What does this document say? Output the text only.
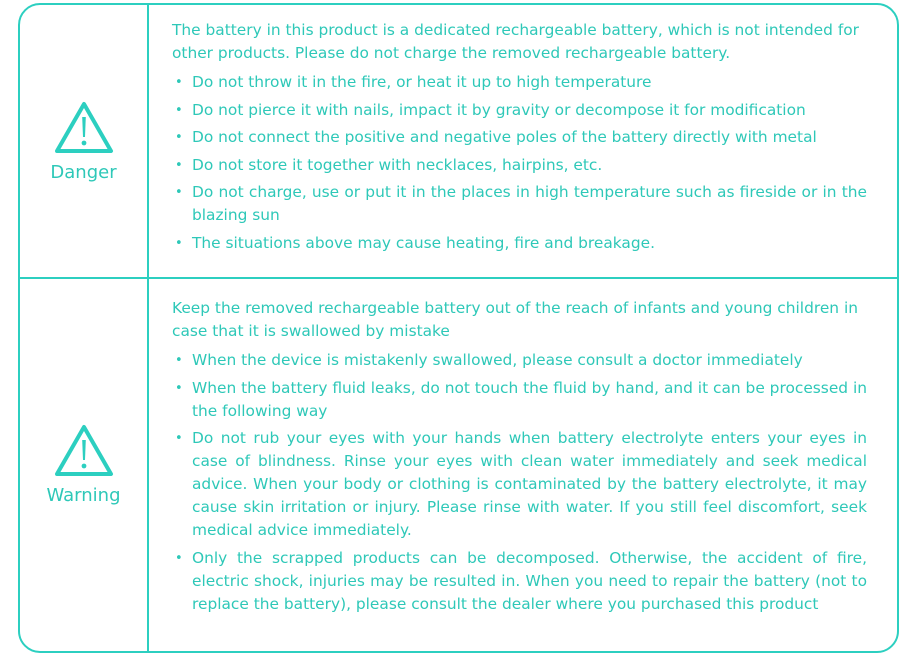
Danger

The battery in this product is a dedicated rechargeable battery, which is not intended for other products. Please do not charge the removed rechargeable battery.

• Do not throw it in the fire, or heat it up to high temperature
• Do not pierce it with nails, impact it by gravity or decompose it for modification
• Do not connect the positive and negative poles of the battery directly with metal
• Do not store it together with necklaces, hairpins, etc.
• Do not charge, use or put it in the places in high temperature such as fireside or in the blazing sun
• The situations above may cause heating, fire and breakage.
Warning

Keep the removed rechargeable battery out of the reach of infants and young children in case that it is swallowed by mistake

• When the device is mistakenly swallowed, please consult a doctor immediately
• When the battery fluid leaks, do not touch the fluid by hand, and it can be processed in the following way
• Do not rub your eyes with your hands when battery electrolyte enters your eyes in case of blindness. Rinse your eyes with clean water immediately and seek medical advice. When your body or clothing is contaminated by the battery electrolyte, it may cause skin irritation or injury. Please rinse with water. If you still feel discomfort, seek medical advice immediately.
• Only the scrapped products can be decomposed. Otherwise, the accident of fire, electric shock, injuries may be resulted in. When you need to repair the battery (not to replace the battery), please consult the dealer where you purchased this product
